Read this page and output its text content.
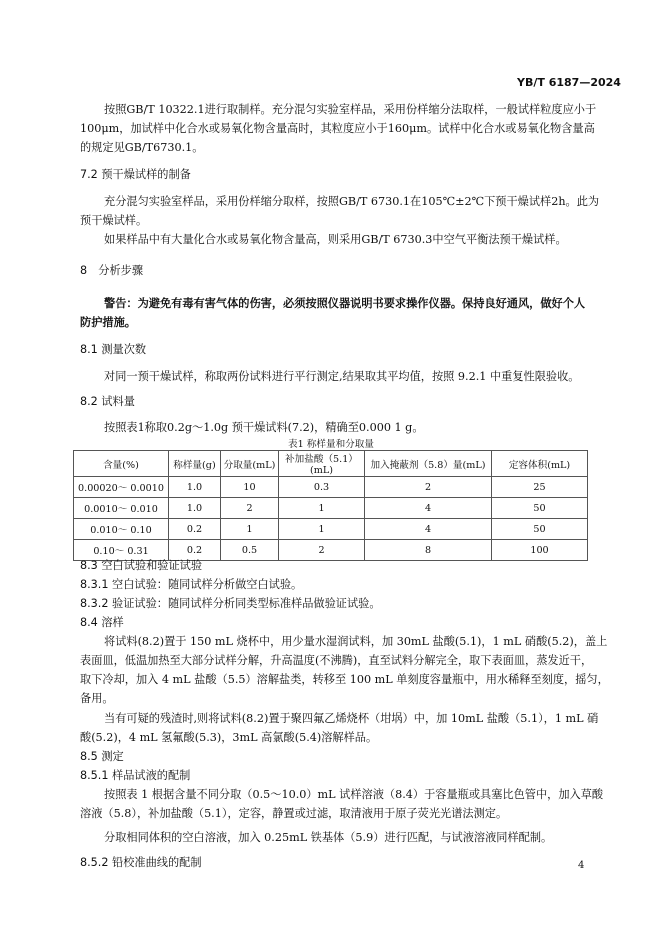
YB/T 6187—2024
按照GB/T 10322.1进行取制样。充分混匀实验室样品，采用份样缩分法取样，一般试样粒度应小于
100μm，加试样中化合水或易氧化物含量高时，其粒度应小于160μm。试样中化合水或易氧化物含量高
的规定见GB/T6730.1。
7.2 预干燥试样的制备
充分混匀实验室样品，采用份样缩分取样，按照GB/T 6730.1在105℃±2℃下预干燥试样2h。此为
预干燥试样。
如果样品中有大量化合水或易氧化物含量高，则采用GB/T 6730.3中空气平衡法预干燥试样。
8　分析步骤
警告：为避免有毒有害气体的伤害，必须按照仪器说明书要求操作仪器。保持良好通风，做好个人
防护措施。
8.1 测量次数
对同一预干燥试样，称取两份试料进行平行测定,结果取其平均值，按照 9.2.1 中重复性限验收。
8.2 试料量
按照表1称取0.2g～1.0g 预干燥试料(7.2)，精确至0.000 1 g。
表1 称样量和分取量
含量(%)	称样量(g)	分取量(mL)	补加盐酸（5.1）(mL)	加入掩蔽剂（5.8）量(mL)	定容体积(mL)
0.00020～ 0.0010	1.0	10	0.3	2	25
0.0010～ 0.010	1.0	2	1	4	50
0.010～ 0.10	0.2	1	1	4	50
0.10～ 0.31	0.2	0.5	2	8	100
8.3 空白试验和验证试验
8.3.1 空白试验：随同试样分析做空白试验。
8.3.2 验证试验：随同试样分析同类型标准样品做验证试验。
8.4 溶样
将试料(8.2)置于 150 mL 烧杯中，用少量水湿润试料，加 30mL 盐酸(5.1)，1 mL 硝酸(5.2)，盖上
表面皿，低温加热至大部分试样分解，升高温度(不沸腾)，直至试料分解完全，取下表面皿，蒸发近干，
取下冷却，加入 4 mL 盐酸（5.5）溶解盐类，转移至 100 mL 单刻度容量瓶中，用水稀释至刻度，摇匀，
备用。
当有可疑的残渣时,则将试料(8.2)置于聚四氟乙烯烧杯（坩埚）中，加 10mL 盐酸（5.1），1 mL 硝
酸(5.2)，4 mL 氢氟酸(5.3)，3mL 高氯酸(5.4)溶解样品。
8.5 测定
8.5.1 样品试液的配制
按照表 1 根据含量不同分取（0.5～10.0）mL 试样溶液（8.4）于容量瓶或具塞比色管中，加入草酸
溶液（5.8），补加盐酸（5.1），定容，静置或过滤，取清液用于原子荧光光谱法测定。
分取相同体积的空白溶液，加入 0.25mL 铁基体（5.9）进行匹配，与试液溶液同样配制。
8.5.2 铅校准曲线的配制	4
